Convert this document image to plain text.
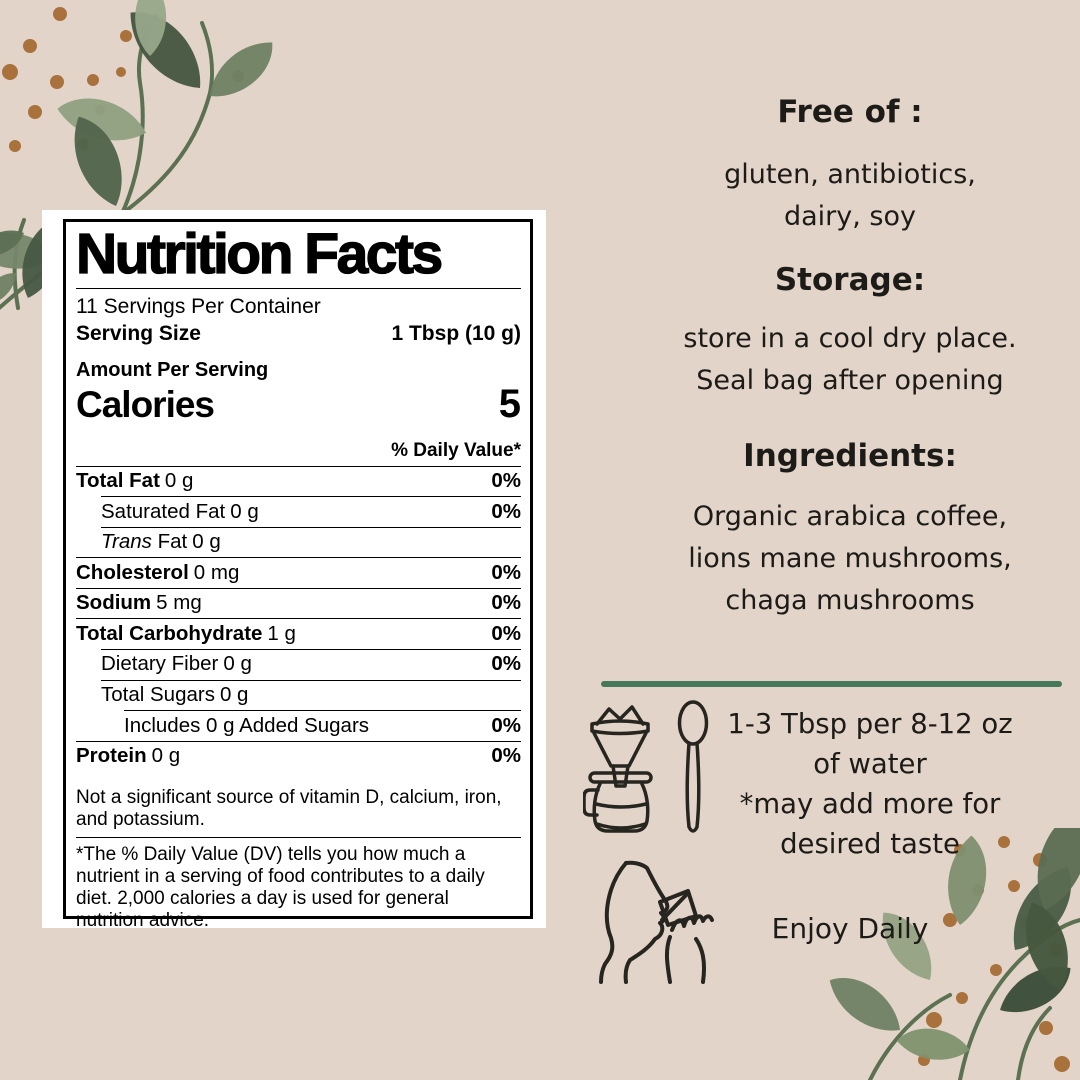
Nutrition Facts
11 Servings Per Container
Serving Size	1 Tbsp (10 g)
Amount Per Serving
Calories	5
% Daily Value*
Total Fat 0 g	0%
Saturated Fat 0 g	0%
Trans Fat 0 g
Cholesterol 0 mg	0%
Sodium 5 mg	0%
Total Carbohydrate 1 g	0%
Dietary Fiber 0 g	0%
Total Sugars 0 g
Includes 0 g Added Sugars	0%
Protein 0 g	0%
Not a significant source of vitamin D, calcium, iron, and potassium.
*The % Daily Value (DV) tells you how much a nutrient in a serving of food contributes to a daily diet. 2,000 calories a day is used for general nutrition advice.
Free of :
gluten, antibiotics,
dairy, soy
Storage:
store in a cool dry place.
Seal bag after opening
Ingredients:
Organic arabica coffee,
lions mane mushrooms,
chaga mushrooms
1-3 Tbsp per 8-12 oz
of water
*may add more for
desired taste
Enjoy Daily
